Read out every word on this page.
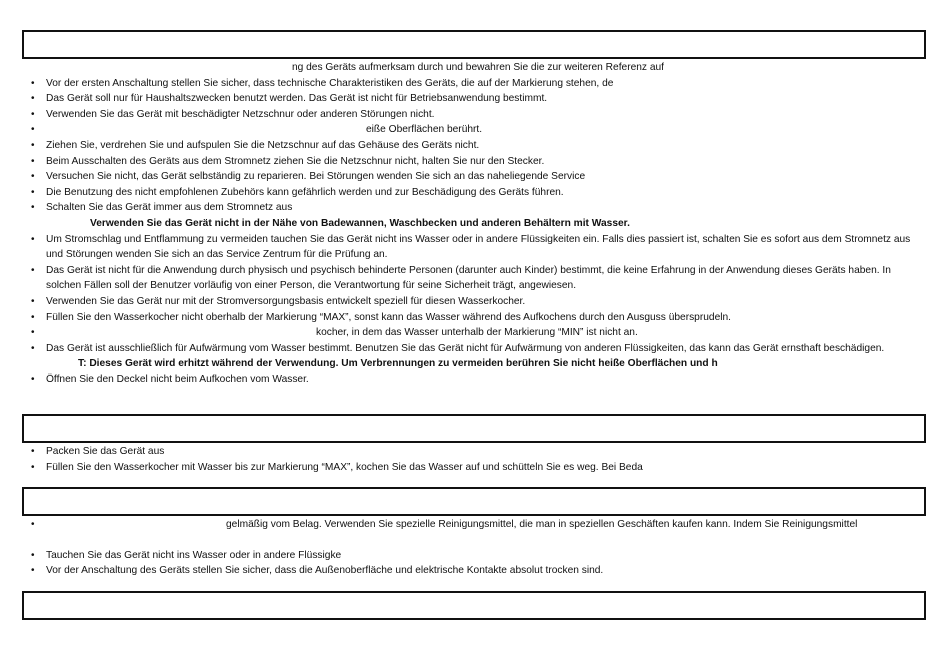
ng des Geräts aufmerksam durch und bewahren Sie die zur weiteren Referenz auf
• Vor der ersten Anschaltung stellen Sie sicher, dass technische Charakteristiken des Geräts, die auf der Markierung stehen, de
• Das Gerät soll nur für Haushaltszwecken benutzt werden. Das Gerät ist nicht für Betriebsanwendung bestimmt.
• Verwenden Sie das Gerät mit beschädigter Netzschnur oder anderen Störungen nicht.
• eiße Oberflächen berührt.
• Ziehen Sie, verdrehen Sie und aufspulen Sie die Netzschnur auf das Gehäuse des Geräts nicht.
• Beim Ausschalten des Geräts aus dem Stromnetz ziehen Sie die Netzschnur nicht, halten Sie nur den Stecker.
• Versuchen Sie nicht, das Gerät selbständig zu reparieren. Bei Störungen wenden Sie sich an das naheliegende Service
• Die Benutzung des nicht empfohlenen Zubehörs kann gefährlich werden und zur Beschädigung des Geräts führen.
• Schalten Sie das Gerät immer aus dem Stromnetz aus
Verwenden Sie das Gerät nicht in der Nähe von Badewannen, Waschbecken und anderen Behältern mit Wasser.
• Um Stromschlag und Entflammung zu vermeiden tauchen Sie das Gerät nicht ins Wasser oder in andere Flüssigkeiten ein. Falls dies passiert ist, schalten Sie es sofort aus dem Stromnetz aus und Störungen wenden Sie sich an das Service Zentrum für die Prüfung an.
• Das Gerät ist nicht für die Anwendung durch physisch und psychisch behinderte Personen (darunter auch Kinder) bestimmt, die keine Erfahrung in der Anwendung dieses Geräts haben. In solchen Fällen soll der Benutzer vorläufig von einer Person, die Verantwortung für seine Sicherheit trägt, angewiesen.
• Verwenden Sie das Gerät nur mit der Stromversorgungsbasis entwickelt speziell für diesen Wasserkocher.
• Füllen Sie den Wasserkocher nicht oberhalb der Markierung “MAX”, sonst kann das Wasser während des Aufkochens durch den Ausguss übersprudeln.
• kocher, in dem das Wasser unterhalb der Markierung “MIN” ist nicht an.
• Das Gerät ist ausschließlich für Aufwärmung vom Wasser bestimmt. Benutzen Sie das Gerät nicht für Aufwärmung von anderen Flüssigkeiten, das kann das Gerät ernsthaft beschädigen.
T: Dieses Gerät wird erhitzt während der Verwendung. Um Verbrennungen zu vermeiden berühren Sie nicht heiße Oberflächen und h
• Öffnen Sie den Deckel nicht beim Aufkochen vom Wasser.
• Packen Sie das Gerät aus
• Füllen Sie den Wasserkocher mit Wasser bis zur Markierung “MAX”, kochen Sie das Wasser auf und schütteln Sie es weg. Bei Beda
• gelmäßig vom Belag. Verwenden Sie spezielle Reinigungsmittel, die man in speziellen Geschäften kaufen kann. Indem Sie Reinigungsmittel
• Tauchen Sie das Gerät nicht ins Wasser oder in andere Flüssigke
• Vor der Anschaltung des Geräts stellen Sie sicher, dass die Außenoberfläche und elektrische Kontakte absolut trocken sind.
